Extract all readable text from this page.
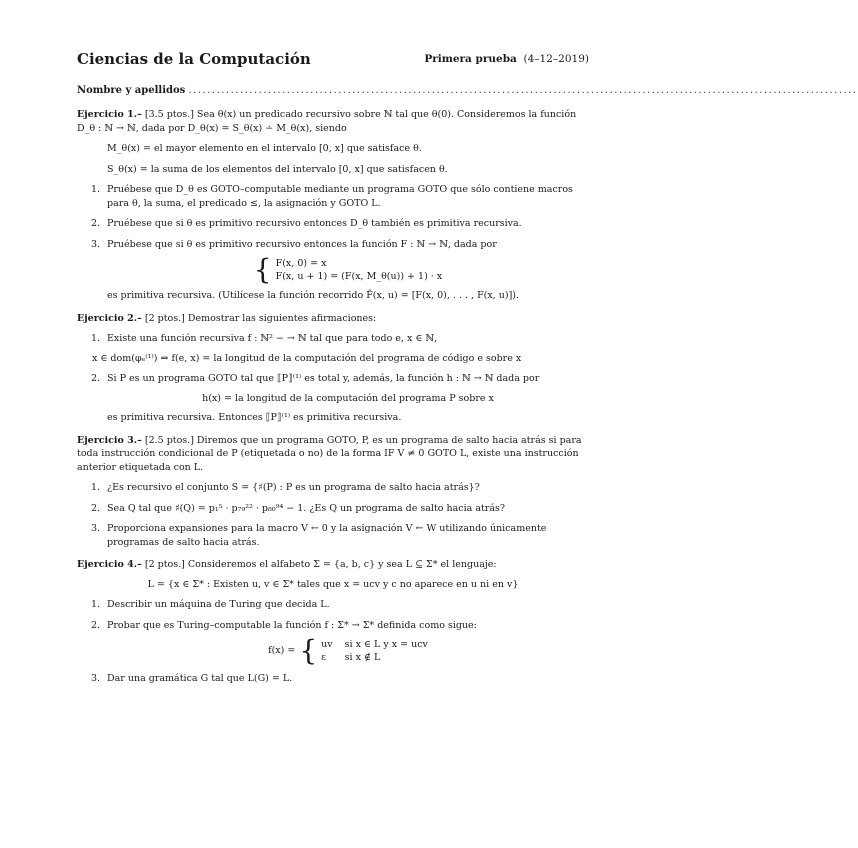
Ciencias de la Computación	Primera prueba (4–12–2019)
Nombre y apellidos ...............................................................................................................................................

Ejercicio 1.– [3.5 ptos.] Sea θ(x) un predicado recursivo sobre ℕ tal que θ(0). Consideremos la función D_θ : ℕ → ℕ, dada por D_θ(x) = S_θ(x) ∸ M_θ(x), siendo

M_θ(x) = el mayor elemento en el intervalo [0, x] que satisface θ.

S_θ(x) = la suma de los elementos del intervalo [0, x] que satisfacen θ.

1. Pruébese que D_θ es GOTO–computable mediante un programa GOTO que sólo contiene macros para θ, la suma, el predicado ≤, la asignación y GOTO L.
2. Pruébese que si θ es primitivo recursivo entonces D_θ también es primitiva recursiva.
3. Pruébese que si θ es primitivo recursivo entonces la función F : ℕ → ℕ, dada por
{ F(x, 0) = x
F(x, u + 1) = (F(x, M_θ(u)) + 1) · x

es primitiva recursiva. (Utilícese la función recorrido F̂(x, u) = [F(x, 0), . . . , F(x, u)]).

Ejercicio 2.– [2 ptos.] Demostrar las siguientes afirmaciones:

1. Existe una función recursiva f : ℕ² − → ℕ tal que para todo e, x ∈ ℕ,

x ∈ dom(φₑ⁽¹⁾) ⇒ f(e, x) = la longitud de la computación del programa de código e sobre x

2. Si P es un programa GOTO tal que ⟦P⟧⁽¹⁾ es total y, además, la función h : ℕ → ℕ dada por

h(x) = la longitud de la computación del programa P sobre x

es primitiva recursiva. Entonces ⟦P⟧⁽¹⁾ es primitiva recursiva.

Ejercicio 3.– [2.5 ptos.] Diremos que un programa GOTO, P, es un programa de salto hacia atrás si para toda instrucción condicional de P (etiquetada o no) de la forma IF V ≠ 0 GOTO L, existe una instrucción anterior etiquetada con L.

1. ¿Es recursivo el conjunto S = {♯(P) : P es un programa de salto hacia atrás}?
2. Sea Q tal que ♯(Q) = p₁⁵ · p₇₉²² · p₈₀⁹⁴ − 1. ¿Es Q un programa de salto hacia atrás?
3. Proporciona expansiones para la macro V ← 0 y la asignación V ← W utilizando únicamente programas de salto hacia atrás.

Ejercicio 4.– [2 ptos.] Consideremos el alfabeto Σ = {a, b, c} y sea L ⊆ Σ* el lenguaje:

L = {x ∈ Σ* : Existen u, v ∈ Σ* tales que x = ucv y c no aparece en u ni en v}

1. Describir un máquina de Turing que decida L.
2. Probar que es Turing–computable la función f : Σ* → Σ* definida como sigue:
f(x) = { uv si x ∈ L y x = ucv
ε	si x ∉ L
3. Dar una gramática G tal que L(G) = L.
